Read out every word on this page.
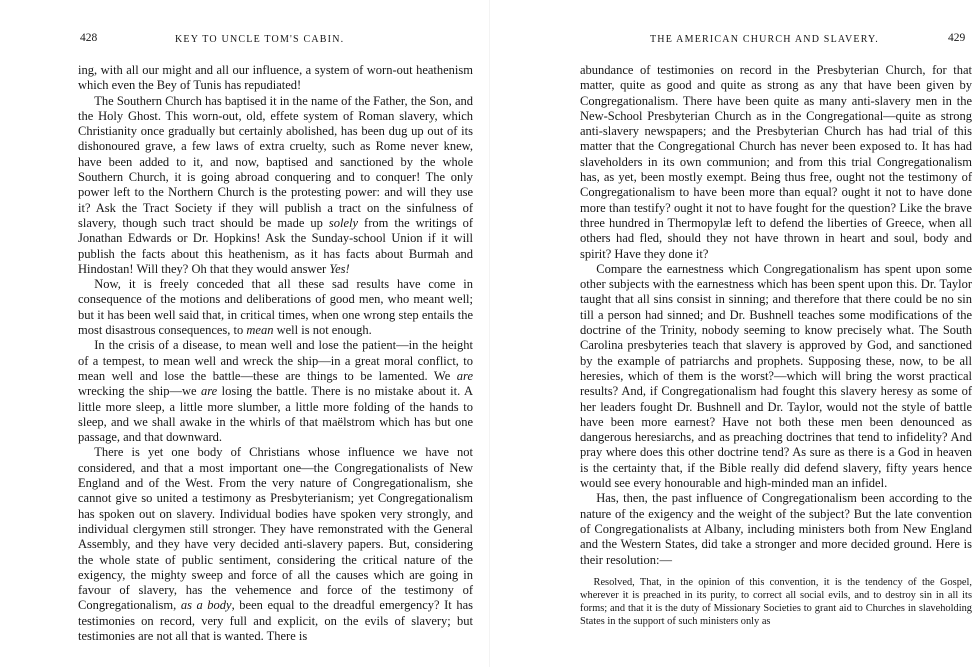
428	KEY TO UNCLE TOM'S CABIN.

ing, with all our might and all our influence, a system of worn-out heathenism which even the Bey of Tunis has repudiated!

The Southern Church has baptised it in the name of the Father, the Son, and the Holy Ghost. This worn-out, old, effete system of Roman slavery, which Christianity once gradually but certainly abolished, has been dug up out of its dishonoured grave, a few laws of extra cruelty, such as Rome never knew, have been added to it, and now, baptised and sanctioned by the whole Southern Church, it is going abroad conquering and to conquer! The only power left to the Northern Church is the protesting power: and will they use it? Ask the Tract Society if they will publish a tract on the sinfulness of slavery, though such tract should be made up solely from the writings of Jonathan Edwards or Dr. Hopkins! Ask the Sunday-school Union if it will publish the facts about this heathenism, as it has facts about Burmah and Hindostan! Will they? Oh that they would answer Yes!

Now, it is freely conceded that all these sad results have come in consequence of the motions and deliberations of good men, who meant well; but it has been well said that, in critical times, when one wrong step entails the most disastrous consequences, to mean well is not enough.

In the crisis of a disease, to mean well and lose the patient—in the height of a tempest, to mean well and wreck the ship—in a great moral conflict, to mean well and lose the battle—these are things to be lamented. We are wrecking the ship—we are losing the battle. There is no mistake about it. A little more sleep, a little more slumber, a little more folding of the hands to sleep, and we shall awake in the whirls of that maëlstrom which has but one passage, and that downward.

There is yet one body of Christians whose influence we have not considered, and that a most important one—the Congregationalists of New England and of the West. From the very nature of Congregationalism, she cannot give so united a testimony as Presbyterianism; yet Congregationalism has spoken out on slavery. Individual bodies have spoken very strongly, and individual clergymen still stronger. They have remonstrated with the General Assembly, and they have very decided anti-slavery papers. But, considering the whole state of public sentiment, considering the critical nature of the exigency, the mighty sweep and force of all the causes which are going in favour of slavery, has the vehemence and force of the testimony of Congregationalism, as a body, been equal to the dreadful emergency? It has testimonies on record, very full and explicit, on the evils of slavery; but testimonies are not all that is wanted. There is

THE AMERICAN CHURCH AND SLAVERY.	429

abundance of testimonies on record in the Presbyterian Church, for that matter, quite as good and quite as strong as any that have been given by Congregationalism. There have been quite as many anti-slavery men in the New-School Presbyterian Church as in the Congregational—quite as strong anti-slavery newspapers; and the Presbyterian Church has had trial of this matter that the Congregational Church has never been exposed to. It has had slaveholders in its own communion; and from this trial Congregationalism has, as yet, been mostly exempt. Being thus free, ought not the testimony of Congregationalism to have been more than equal? ought it not to have done more than testify? ought it not to have fought for the question? Like the brave three hundred in Thermopylæ left to defend the liberties of Greece, when all others had fled, should they not have thrown in heart and soul, body and spirit? Have they done it?

Compare the earnestness which Congregationalism has spent upon some other subjects with the earnestness which has been spent upon this. Dr. Taylor taught that all sins consist in sinning; and therefore that there could be no sin till a person had sinned; and Dr. Bushnell teaches some modifications of the doctrine of the Trinity, nobody seeming to know precisely what. The South Carolina presbyteries teach that slavery is approved by God, and sanctioned by the example of patriarchs and prophets. Supposing these, now, to be all heresies, which of them is the worst?—which will bring the worst practical results? And, if Congregationalism had fought this slavery heresy as some of her leaders fought Dr. Bushnell and Dr. Taylor, would not the style of battle have been more earnest? Have not both these men been denounced as dangerous heresiarchs, and as preaching doctrines that tend to infidelity? And pray where does this other doctrine tend? As sure as there is a God in heaven is the certainty that, if the Bible really did defend slavery, fifty years hence would see every honourable and high-minded man an infidel.

Has, then, the past influence of Congregationalism been according to the nature of the exigency and the weight of the subject? But the late convention of Congregationalists at Albany, including ministers both from New England and the Western States, did take a stronger and more decided ground. Here is their resolution:—

Resolved, That, in the opinion of this convention, it is the tendency of the Gospel, wherever it is preached in its purity, to correct all social evils, and to destroy sin in all its forms; and that it is the duty of Missionary Societies to grant aid to Churches in slaveholding States in the support of such ministers only as
